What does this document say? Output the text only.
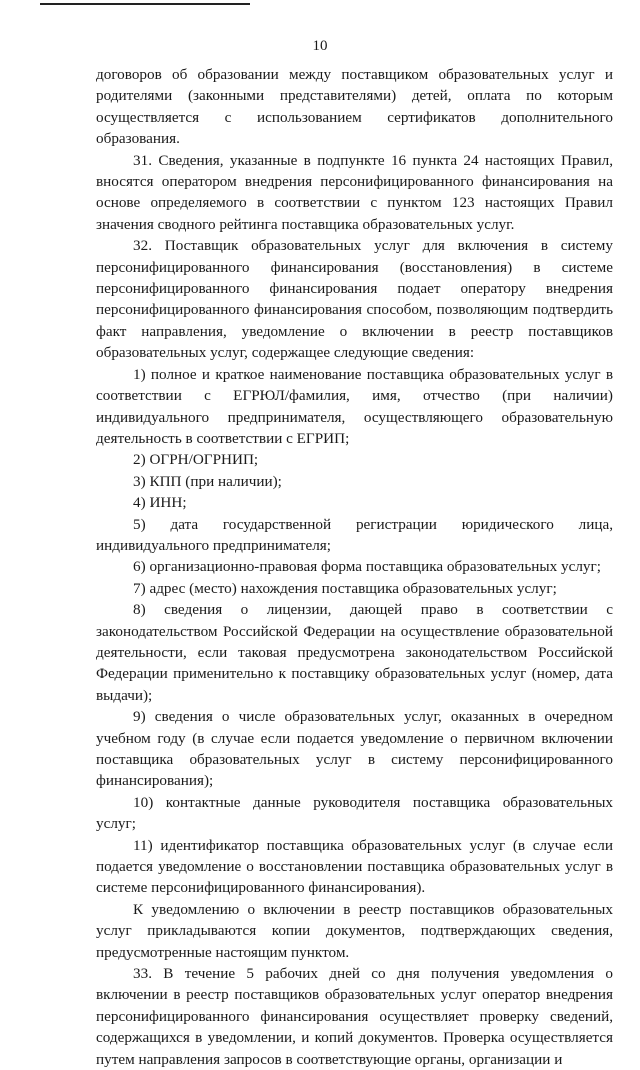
10

договоров об образовании между поставщиком образовательных услуг и родителями (законными представителями) детей, оплата по которым осуществляется с использованием сертификатов дополнительного образования.

31. Сведения, указанные в подпункте 16 пункта 24 настоящих Правил, вносятся оператором внедрения персонифицированного финансирования на основе определяемого в соответствии с пунктом 123 настоящих Правил значения сводного рейтинга поставщика образовательных услуг.

32. Поставщик образовательных услуг для включения в систему персонифицированного финансирования (восстановления) в системе персонифицированного финансирования подает оператору внедрения персонифицированного финансирования способом, позволяющим подтвердить факт направления, уведомление о включении в реестр поставщиков образовательных услуг, содержащее следующие сведения:

1) полное и краткое наименование поставщика образовательных услуг в соответствии с ЕГРЮЛ/фамилия, имя, отчество (при наличии) индивидуального предпринимателя, осуществляющего образовательную деятельность в соответствии с ЕГРИП;

2) ОГРН/ОГРНИП;

3) КПП (при наличии);

4) ИНН;

5) дата государственной регистрации юридического лица, индивидуального предпринимателя;

6) организационно-правовая форма поставщика образовательных услуг;

7) адрес (место) нахождения поставщика образовательных услуг;

8) сведения о лицензии, дающей право в соответствии с законодательством Российской Федерации на осуществление образовательной деятельности, если таковая предусмотрена законодательством Российской Федерации применительно к поставщику образовательных услуг (номер, дата выдачи);

9) сведения о числе образовательных услуг, оказанных в очередном учебном году (в случае если подается уведомление о первичном включении поставщика образовательных услуг в систему персонифицированного финансирования);

10) контактные данные руководителя поставщика образовательных услуг;

11) идентификатор поставщика образовательных услуг (в случае если подается уведомление о восстановлении поставщика образовательных услуг в системе персонифицированного финансирования).

К уведомлению о включении в реестр поставщиков образовательных услуг прикладываются копии документов, подтверждающих сведения, предусмотренные настоящим пунктом.

33. В течение 5 рабочих дней со дня получения уведомления о включении в реестр поставщиков образовательных услуг оператор внедрения персонифицированного финансирования осуществляет проверку сведений, содержащихся в уведомлении, и копий документов. Проверка осуществляется путем направления запросов в соответствующие органы, организации и
